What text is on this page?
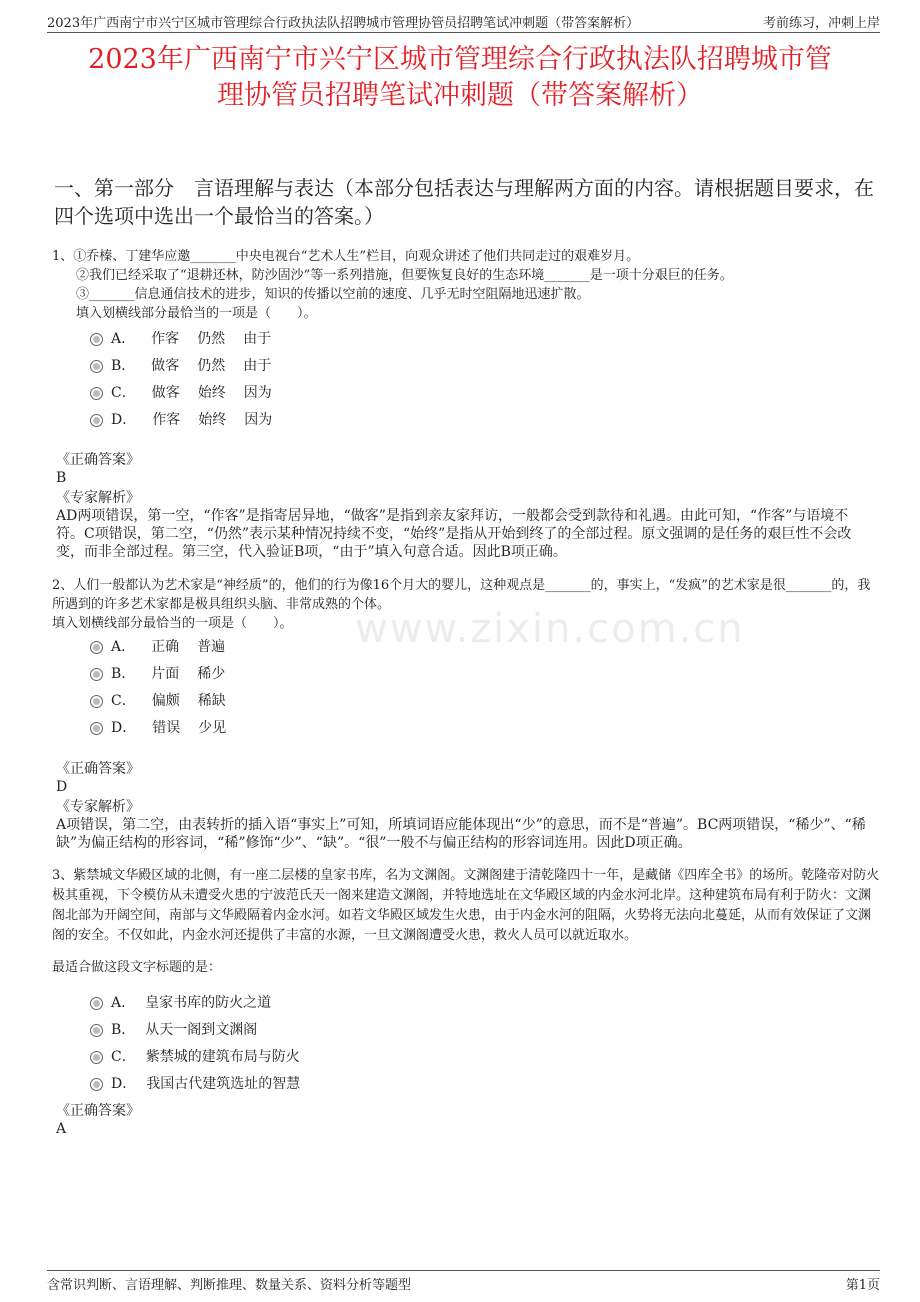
2023年广西南宁市兴宁区城市管理综合行政执法队招聘城市管理协管员招聘笔试冲刺题（带答案解析）	考前练习，冲刺上岸
2023年广西南宁市兴宁区城市管理综合行政执法队招聘城市管
理协管员招聘笔试冲刺题（带答案解析）
一、第一部分　言语理解与表达（本部分包括表达与理解两方面的内容。请根据题目要求，在四个选项中选出一个最恰当的答案。）
www.zixin.com.cn
1、①乔榛、丁建华应邀_______中央电视台“艺术人生”栏目，向观众讲述了他们共同走过的艰难岁月。
②我们已经采取了“退耕还林，防沙固沙”等一系列措施，但要恢复良好的生态环境_______是一项十分艰巨的任务。
③_______信息通信技术的进步，知识的传播以空前的速度、几乎无时空阻隔地迅速扩散。
填入划横线部分最恰当的一项是（　　）。
A． 作客 仍然 由于
B． 做客 仍然 由于
C． 做客 始终 因为
D． 作客 始终 因为
《正确答案》
B
《专家解析》
AD两项错误，第一空，“作客”是指寄居异地，“做客”是指到亲友家拜访，一般都会受到款待和礼遇。由此可知，“作客”与语境不符。C项错误，第二空，“仍然”表示某种情况持续不变，“始终”是指从开始到终了的全部过程。原文强调的是任务的艰巨性不会改变，而非全部过程。第三空，代入验证B项，“由于”填入句意合适。因此B项正确。
2、人们一般都认为艺术家是“神经质”的，他们的行为像16个月大的婴儿，这种观点是_______的，事实上，“发疯”的艺术家是很_______的，我所遇到的许多艺术家都是极具组织头脑、非常成熟的个体。
填入划横线部分最恰当的一项是（　　）。
A． 正确 普遍
B． 片面 稀少
C． 偏颇 稀缺
D． 错误 少见
《正确答案》
D
《专家解析》
A项错误，第二空，由表转折的插入语“事实上”可知，所填词语应能体现出“少”的意思，而不是“普遍”。BC两项错误，“稀少”、“稀缺”为偏正结构的形容词，“稀”修饰“少”、“缺”。“很”一般不与偏正结构的形容词连用。因此D项正确。
3、紫禁城文华殿区域的北侧，有一座二层楼的皇家书库，名为文渊阁。文渊阁建于清乾隆四十一年，是藏储《四库全书》的场所。乾隆帝对防火极其重视，下令模仿从未遭受火患的宁波范氏天一阁来建造文渊阁，并特地选址在文华殿区域的内金水河北岸。这种建筑布局有利于防火：文渊阁北部为开阔空间，南部与文华殿隔着内金水河。如若文华殿区域发生火患，由于内金水河的阻隔，火势将无法向北蔓延，从而有效保证了文渊阁的安全。不仅如此，内金水河还提供了丰富的水源，一旦文渊阁遭受火患，救火人员可以就近取水。
最适合做这段文字标题的是：
A． 皇家书库的防火之道
B． 从天一阁到文渊阁
C． 紫禁城的建筑布局与防火
D． 我国古代建筑选址的智慧
《正确答案》
A
含常识判断、言语理解、判断推理、数量关系、资料分析等题型	第1页
